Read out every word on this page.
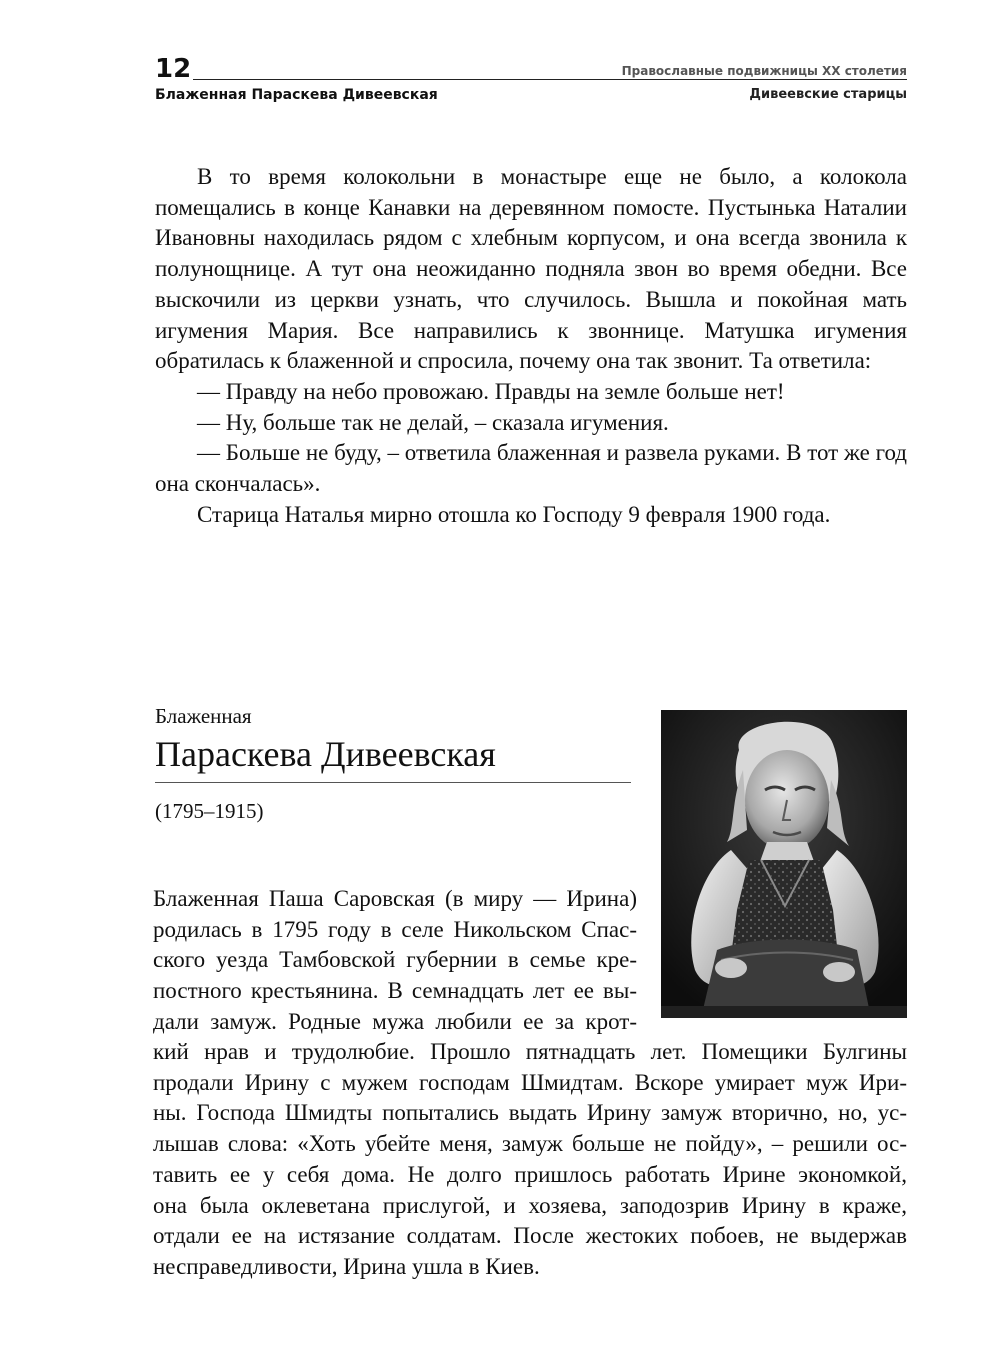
12	Православные подвижницы XX столетия
Блаженная Параскева Дивеевская	Дивеевские старицы

В то время колокольни в монастыре еще не было, а колокола помещались в конце Канавки на деревянном помосте. Пустынька Наталии Ивановны находилась рядом с хлебным корпусом, и она всегда звонила к полунощнице. А тут она неожиданно подняла звон во время обедни. Все выскочили из церкви узнать, что случилось. Вышла и покойная мать игумения Мария. Все направились к звоннице. Матушка игумения обратилась к блаженной и спросила, почему она так звонит. Та ответила:

— Правду на небо провожаю. Правды на земле больше нет!

— Ну, больше так не делай, – сказала игумения.

— Больше не буду, – ответила блаженная и развела руками. В тот же год она скончалась».

Старица Наталья мирно отошла ко Господу 9 февраля 1900 года.

Блаженная
Параскева Дивеевская
(1795–1915)

Блаженная Паша Саровская (в миру — Ирина)

родилась в 1795 году в селе Никольском Спас-

ского уезда Тамбовской губернии в семье кре-

постного крестьянина. В семнадцать лет ее вы-

дали замуж. Родные мужа любили ее за крот-

кий нрав и трудолюбие. Прошло пятнадцать лет. Помещики Булгины

продали Ирину с мужем господам Шмидтам. Вскоре умирает муж Ири-

ны. Господа Шмидты попытались выдать Ирину замуж вторично, но, ус-

лышав слова: «Хоть убейте меня, замуж больше не пойду», – решили ос-

тавить ее у себя дома. Не долго пришлось работать Ирине экономкой,

она была оклеветана прислугой, и хозяева, заподозрив Ирину в краже,

отдали ее на истязание солдатам. После жестоких побоев, не выдержав

несправедливости, Ирина ушла в Киев.
